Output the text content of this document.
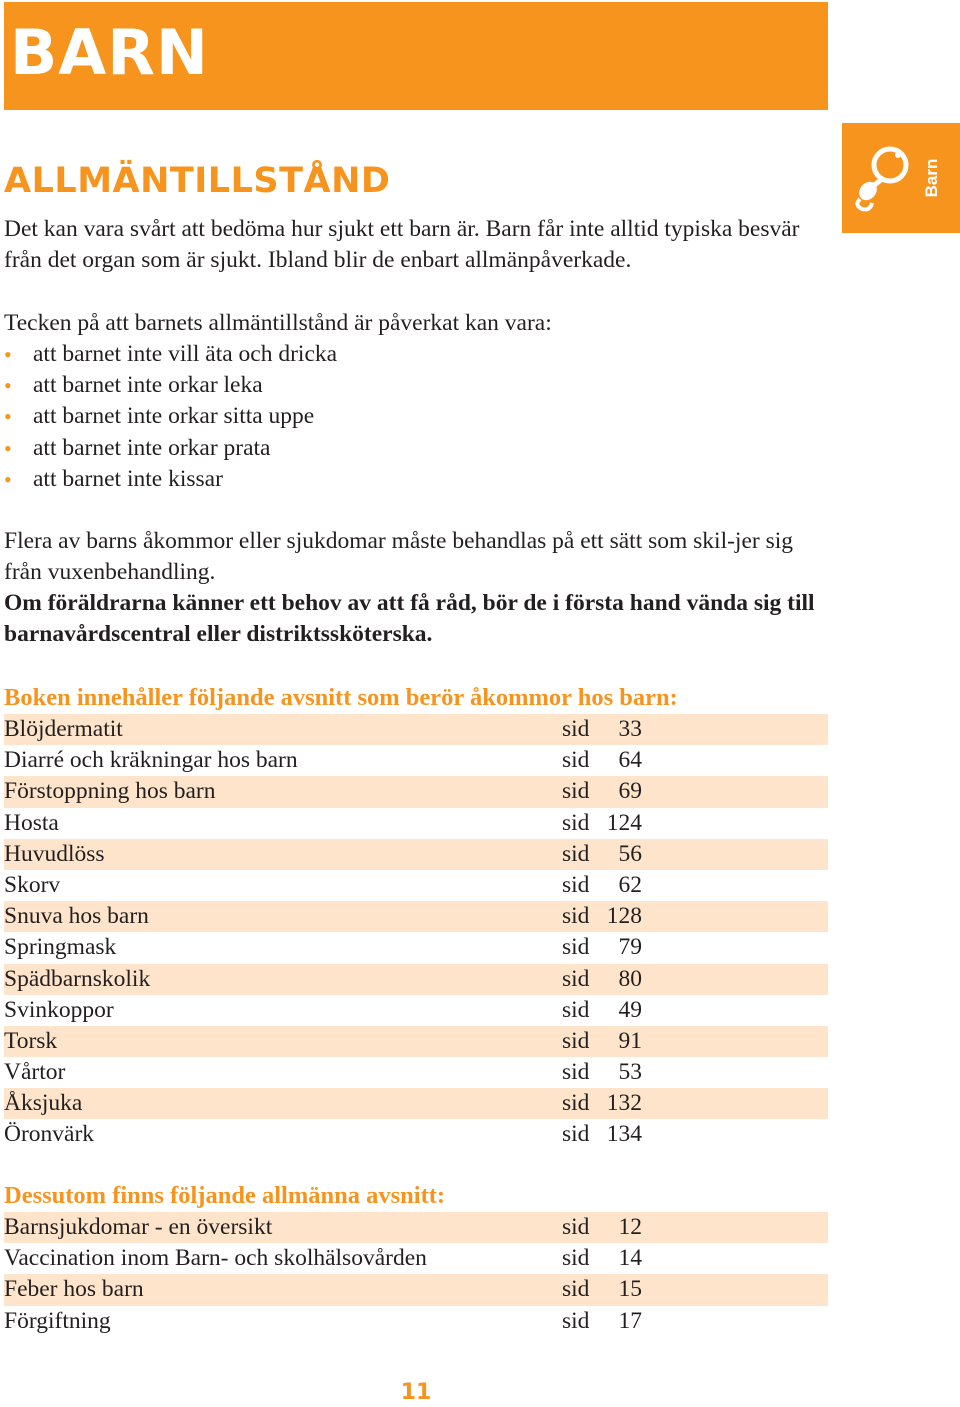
BARN
Barn
ALLMÄNTILLSTÅND

Det kan vara svårt att bedöma hur sjukt ett barn är. Barn får inte alltid typiska besvär från det organ som är sjukt. Ibland blir de enbart allmänpåverkade.

Tecken på att barnets allmäntillstånd är påverkat kan vara:

• att barnet inte vill äta och dricka
• att barnet inte orkar leka
• att barnet inte orkar sitta uppe
• att barnet inte orkar prata
• att barnet inte kissar

Flera av barns åkommor eller sjukdomar måste behandlas på ett sätt som skil-jer sig från vuxenbehandling.

Om föräldrarna känner ett behov av att få råd, bör de i första hand vända sig till barnavårdscentral eller distriktssköterska.

Boken innehåller följande avsnitt som berör åkommor hos barn:
Blöjdermatit	sid	33
Diarré och kräkningar hos barn	sid	64
Förstoppning hos barn	sid	69
Hosta	sid 124
Huvudlöss	sid	56
Skorv	sid	62
Snuva hos barn	sid 128
Springmask	sid	79
Spädbarnskolik	sid	80
Svinkoppor	sid	49
Torsk	sid	91
Vårtor	sid	53
Åksjuka	sid 132
Öronvärk	sid 134
Dessutom finns följande allmänna avsnitt:
Barnsjukdomar - en översikt	sid	12
Vaccination inom Barn- och skolhälsovården	sid	14
Feber hos barn	sid	15
Förgiftning	sid	17
11
